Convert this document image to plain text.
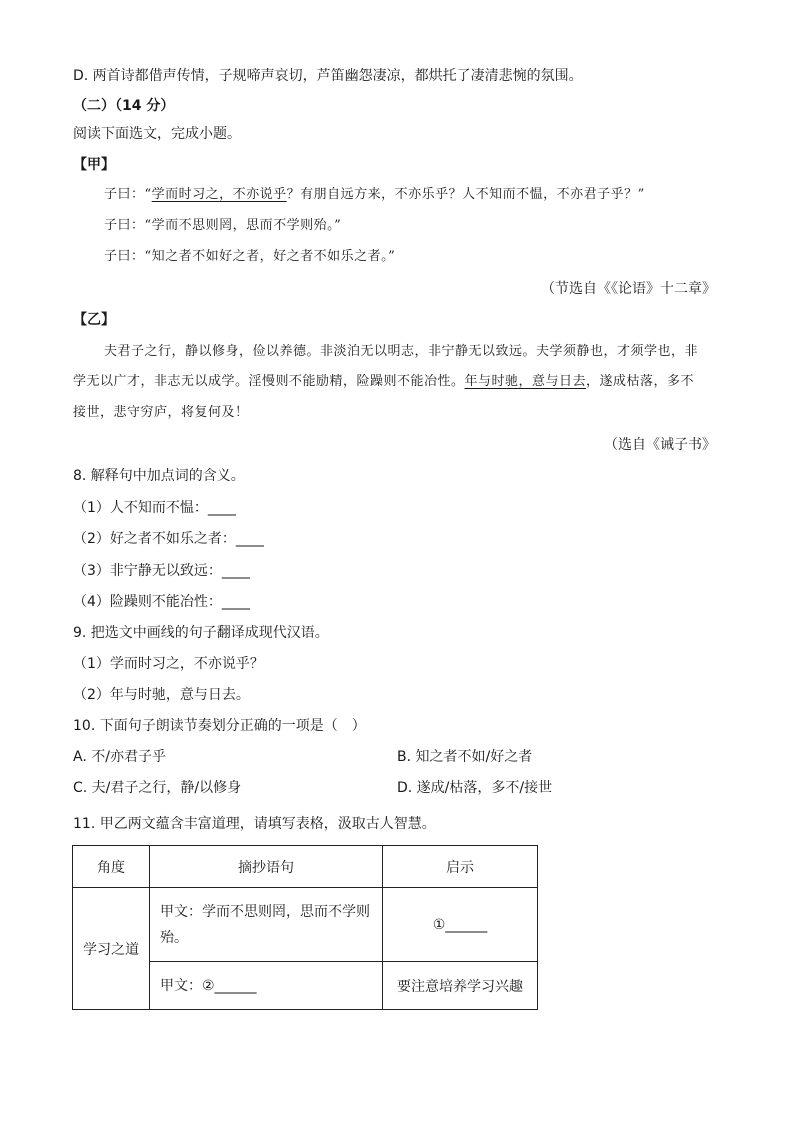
D. 两首诗都借声传情，子规啼声哀切，芦笛幽怨凄凉，都烘托了凄清悲惋的氛围。
（二）（14 分）
阅读下面选文，完成小题。
【甲】
子曰：“学而时习之，不亦说乎？有朋自远方来，不亦乐乎？人不知而不愠，不亦君子乎？”
子曰：“学而不思则罔，思而不学则殆。”
子曰：“知之者不如好之者，好之者不如乐之者。”
（节选自《《论语》十二章》
【乙】
夫君子之行，静以修身，俭以养德。非淡泊无以明志，非宁静无以致远。夫学须静也，才须学也，非
学无以广才，非志无以成学。淫慢则不能励精，险躁则不能冶性。年与时驰，意与日去，遂成枯落，多不
接世，悲守穷庐，将复何及！
（选自《诫子书》
8. 解释句中加点词的含义。
（1）人不知而不愠：____
（2）好之者不如乐之者：____
（3）非宁静无以致远：____
（4）险躁则不能冶性：____
9. 把选文中画线的句子翻译成现代汉语。
（1）学而时习之，不亦说乎？
（2）年与时驰，意与日去。
10. 下面句子朗读节奏划分正确的一项是（　）
A. 不/亦君子乎	B. 知之者不如/好之者
C. 夫/君子之行，静/以修身	D. 遂成/枯落，多不/接世
11. 甲乙两文蕴含丰富道理，请填写表格，汲取古人智慧。
角度	摘抄语句	启示
学习之道	甲文：学而不思则罔，思而不学则殆。	①______
	甲文：②______	要注意培养学习兴趣
